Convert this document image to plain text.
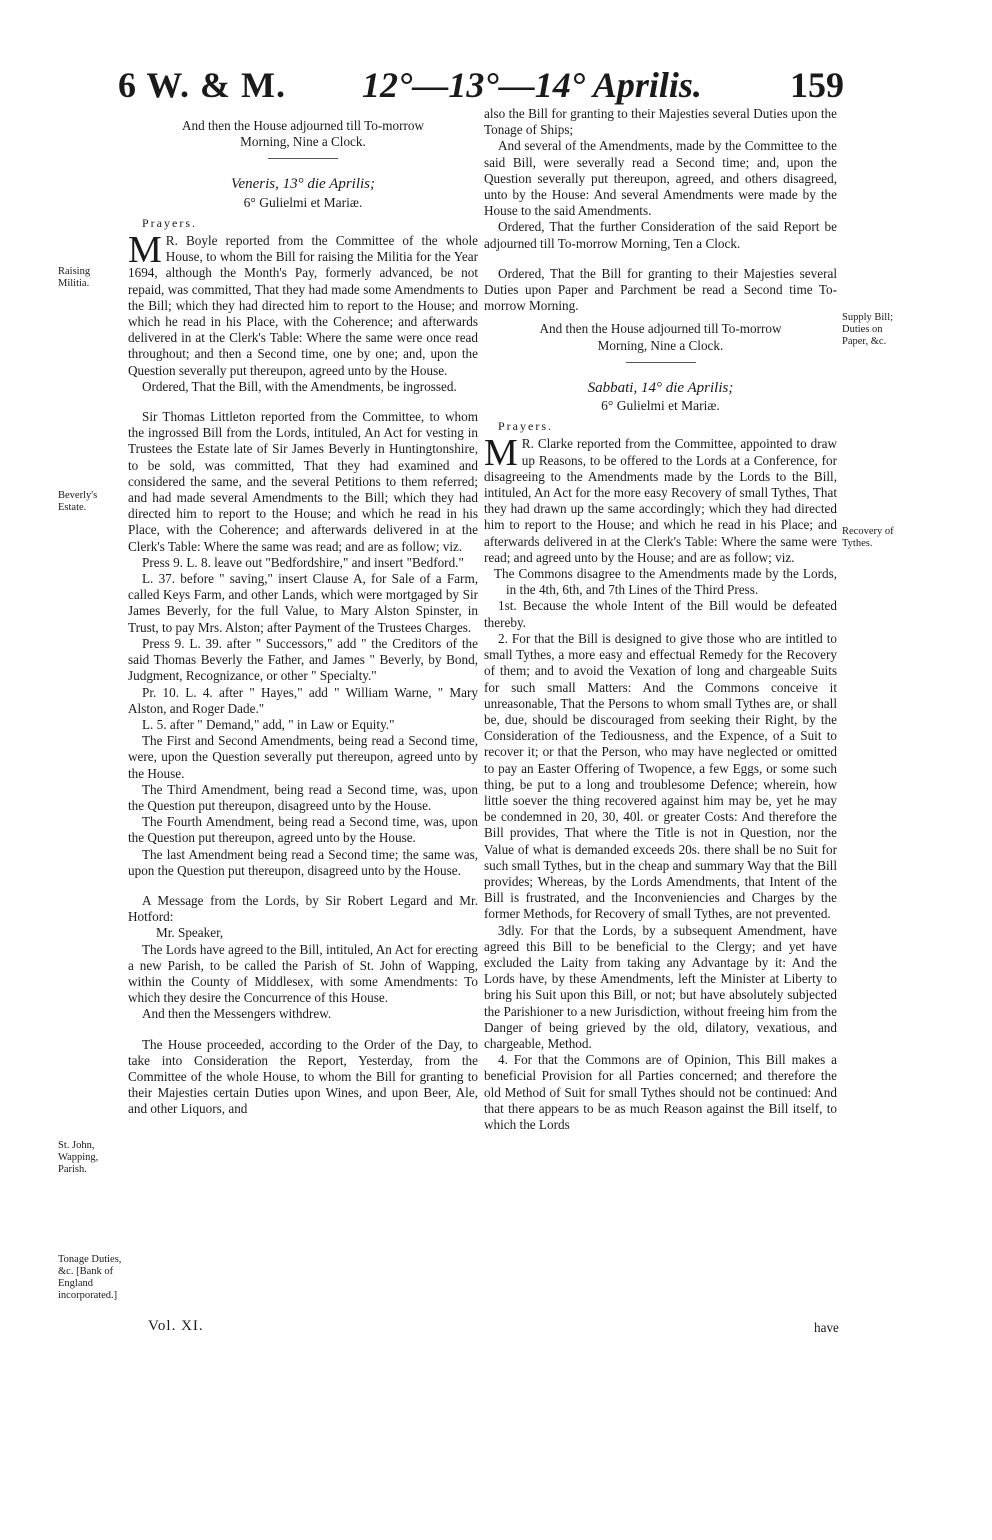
6 W. & M. 12°—13°—14° Aprilis. 159
Raising Militia.
Beverly's Estate.
St. John, Wapping, Parish.
Tonage Duties, &c. [Bank of England incorporated.]
Supply Bill; Duties on Paper, &c.
Recovery of Tythes.

And then the House adjourned till To-morrow Morning, Nine a Clock.

Veneris, 13° die Aprilis;
6° Gulielmi et Mariæ.
Prayers.

M R. Boyle reported from the Committee of the whole House, to whom the Bill for raising the Militia for the Year 1694, although the Month's Pay, formerly advanced, be not repaid, was committed, That they had made some Amendments to the Bill; which they had directed him to report to the House; and which he read in his Place, with the Coherence; and afterwards delivered in at the Clerk's Table: Where the same were once read throughout; and then a Second time, one by one; and, upon the Question severally put thereupon, agreed unto by the House.

Ordered, That the Bill, with the Amendments, be ingrossed.

Sir Thomas Littleton reported from the Committee, to whom the ingrossed Bill from the Lords, intituled, An Act for vesting in Trustees the Estate late of Sir James Beverly in Huntingtonshire, to be sold, was committed, That they had examined and considered the same, and the several Petitions to them referred; and had made several Amendments to the Bill; which they had directed him to report to the House; and which he read in his Place, with the Coherence; and afterwards delivered in at the Clerk's Table: Where the same was read; and are as follow; viz.

Press 9. L. 8. leave out "Bedfordshire," and insert "Bedford."

L. 37. before " saving," insert Clause A, for Sale of a Farm, called Keys Farm, and other Lands, which were mortgaged by Sir James Beverly, for the full Value, to Mary Alston Spinster, in Trust, to pay Mrs. Alston; after Payment of the Trustees Charges.

Press 9. L. 39. after " Successors," add " the Creditors of the said Thomas Beverly the Father, and James " Beverly, by Bond, Judgment, Recognizance, or other " Specialty."

Pr. 10. L. 4. after " Hayes," add " William Warne, " Mary Alston, and Roger Dade."

L. 5. after " Demand," add, " in Law or Equity."

The First and Second Amendments, being read a Second time, were, upon the Question severally put thereupon, agreed unto by the House.

The Third Amendment, being read a Second time, was, upon the Question put thereupon, disagreed unto by the House.

The Fourth Amendment, being read a Second time, was, upon the Question put thereupon, agreed unto by the House.

The last Amendment being read a Second time; the same was, upon the Question put thereupon, disagreed unto by the House.

A Message from the Lords, by Sir Robert Legard and Mr. Hotford:

Mr. Speaker,

The Lords have agreed to the Bill, intituled, An Act for erecting a new Parish, to be called the Parish of St. John of Wapping, within the County of Middlesex, with some Amendments: To which they desire the Concurrence of this House.

And then the Messengers withdrew.

The House proceeded, according to the Order of the Day, to take into Consideration the Report, Yesterday, from the Committee of the whole House, to whom the Bill for granting to their Majesties certain Duties upon Wines, and upon Beer, Ale, and other Liquors, and

also the Bill for granting to their Majesties several Duties upon the Tonage of Ships;

And several of the Amendments, made by the Committee to the said Bill, were severally read a Second time; and, upon the Question severally put thereupon, agreed, and others disagreed, unto by the House: And several Amendments were made by the House to the said Amendments.

Ordered, That the further Consideration of the said Report be adjourned till To-morrow Morning, Ten a Clock.

Ordered, That the Bill for granting to their Majesties several Duties upon Paper and Parchment be read a Second time To-morrow Morning.

And then the House adjourned till To-morrow Morning, Nine a Clock.

Sabbati, 14° die Aprilis;
6° Gulielmi et Mariæ.
Prayers.

M R. Clarke reported from the Committee, appointed to draw up Reasons, to be offered to the Lords at a Conference, for disagreeing to the Amendments made by the Lords to the Bill, intituled, An Act for the more easy Recovery of small Tythes, That they had drawn up the same accordingly; which they had directed him to report to the House; and which he read in his Place; and afterwards delivered in at the Clerk's Table: Where the same were read; and agreed unto by the House; and are as follow; viz.

The Commons disagree to the Amendments made by the Lords, in the 4th, 6th, and 7th Lines of the Third Press.

1st. Because the whole Intent of the Bill would be defeated thereby.

2. For that the Bill is designed to give those who are intitled to small Tythes, a more easy and effectual Remedy for the Recovery of them; and to avoid the Vexation of long and chargeable Suits for such small Matters: And the Commons conceive it unreasonable, That the Persons to whom small Tythes are, or shall be, due, should be discouraged from seeking their Right, by the Consideration of the Tediousness, and the Expence, of a Suit to recover it; or that the Person, who may have neglected or omitted to pay an Easter Offering of Twopence, a few Eggs, or some such thing, be put to a long and troublesome Defence; wherein, how little soever the thing recovered against him may be, yet he may be condemned in 20, 30, 40l. or greater Costs: And therefore the Bill provides, That where the Title is not in Question, nor the Value of what is demanded exceeds 20s. there shall be no Suit for such small Tythes, but in the cheap and summary Way that the Bill provides; Whereas, by the Lords Amendments, that Intent of the Bill is frustrated, and the Inconveniencies and Charges by the former Methods, for Recovery of small Tythes, are not prevented.

3dly. For that the Lords, by a subsequent Amendment, have agreed this Bill to be beneficial to the Clergy; and yet have excluded the Laity from taking any Advantage by it: And the Lords have, by these Amendments, left the Minister at Liberty to bring his Suit upon this Bill, or not; but have absolutely subjected the Parishioner to a new Jurisdiction, without freeing him from the Danger of being grieved by the old, dilatory, vexatious, and chargeable, Method.

4. For that the Commons are of Opinion, This Bill makes a beneficial Provision for all Parties concerned; and therefore the old Method of Suit for small Tythes should not be continued: And that there appears to be as much Reason against the Bill itself, to which the Lords

Vol. XI.	have
